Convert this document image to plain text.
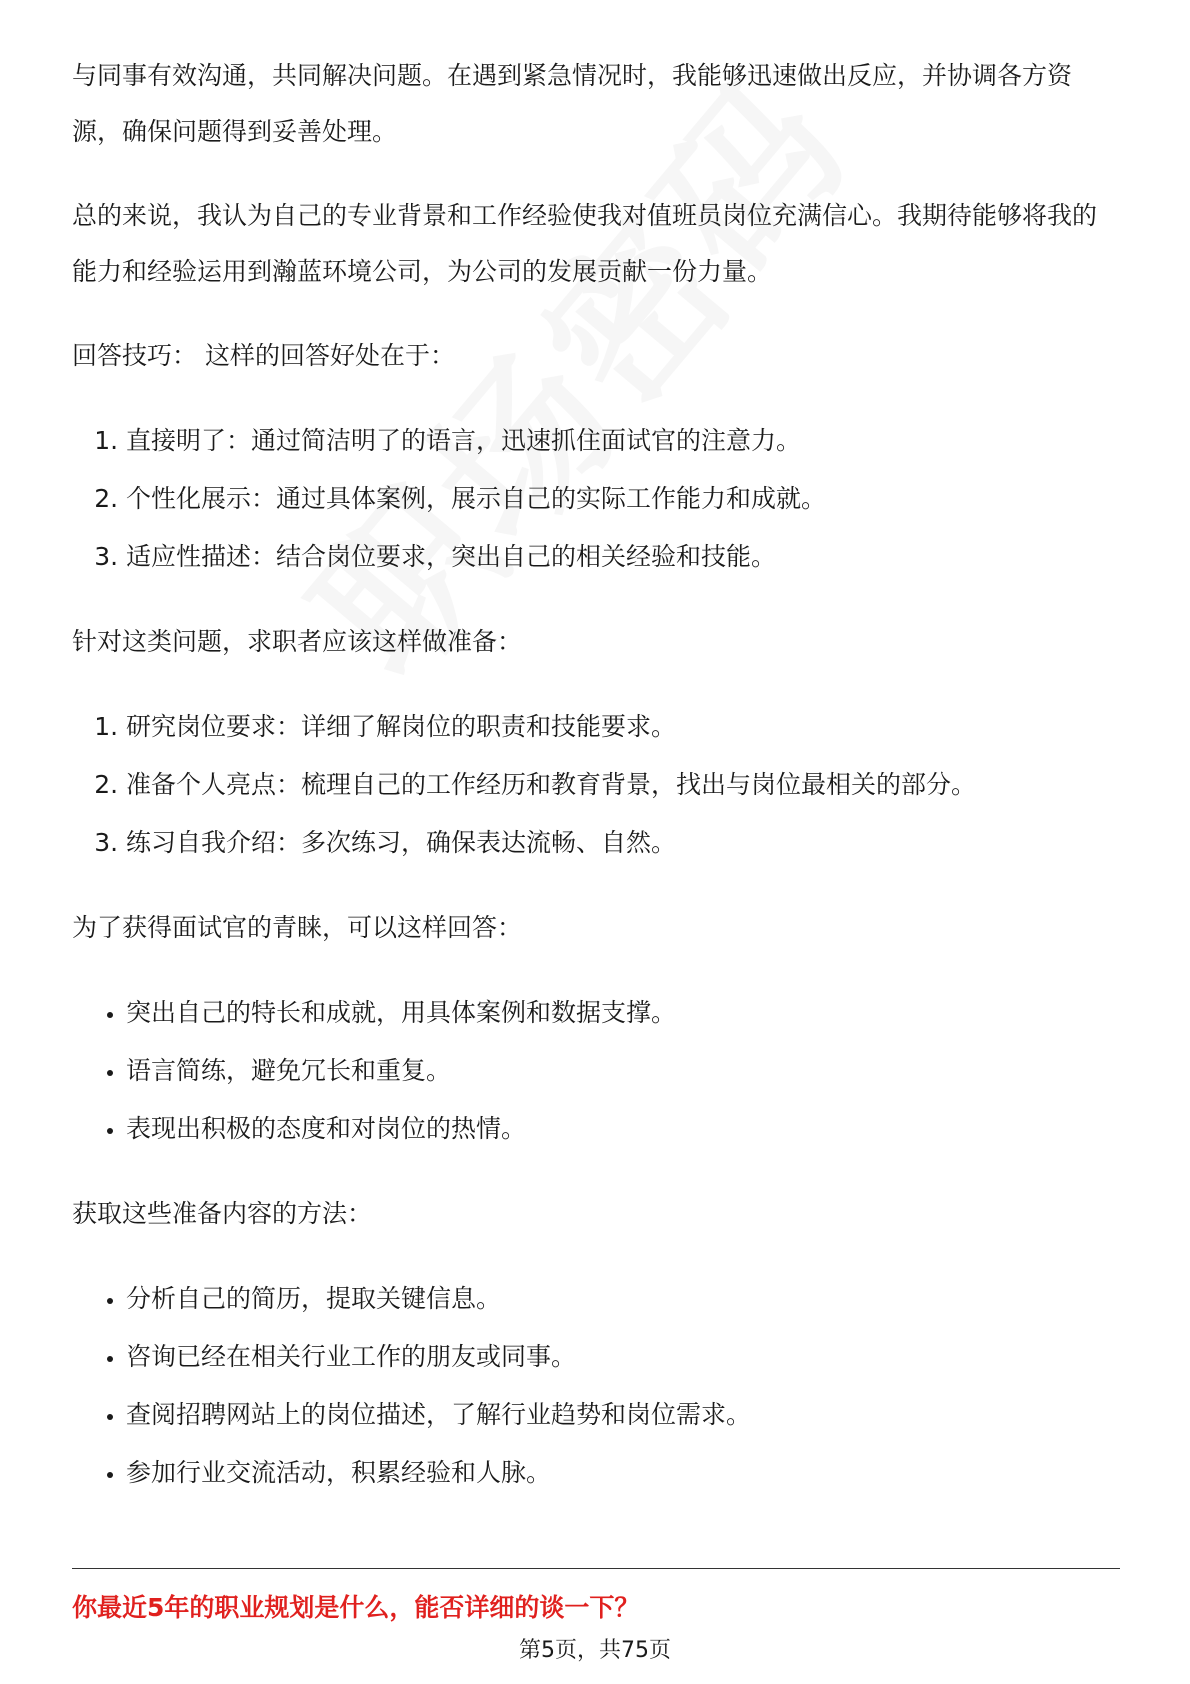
与同事有效沟通，共同解决问题。在遇到紧急情况时，我能够迅速做出反应，并协调各方资源，确保问题得到妥善处理。

总的来说，我认为自己的专业背景和工作经验使我对值班员岗位充满信心。我期待能够将我的能力和经验运用到瀚蓝环境公司，为公司的发展贡献一份力量。

回答技巧： 这样的回答好处在于：

1. 直接明了：通过简洁明了的语言，迅速抓住面试官的注意力。
2. 个性化展示：通过具体案例，展示自己的实际工作能力和成就。
3. 适应性描述：结合岗位要求，突出自己的相关经验和技能。

针对这类问题，求职者应该这样做准备：

1. 研究岗位要求：详细了解岗位的职责和技能要求。
2. 准备个人亮点：梳理自己的工作经历和教育背景，找出与岗位最相关的部分。
3. 练习自我介绍：多次练习，确保表达流畅、自然。

为了获得面试官的青睐，可以这样回答：

• 突出自己的特长和成就，用具体案例和数据支撑。
• 语言简练，避免冗长和重复。
• 表现出积极的态度和对岗位的热情。

获取这些准备内容的方法：

• 分析自己的简历，提取关键信息。
• 咨询已经在相关行业工作的朋友或同事。
• 查阅招聘网站上的岗位描述，了解行业趋势和岗位需求。
• 参加行业交流活动，积累经验和人脉。
你最近5年的职业规划是什么，能否详细的谈一下？
第5页，共75页
